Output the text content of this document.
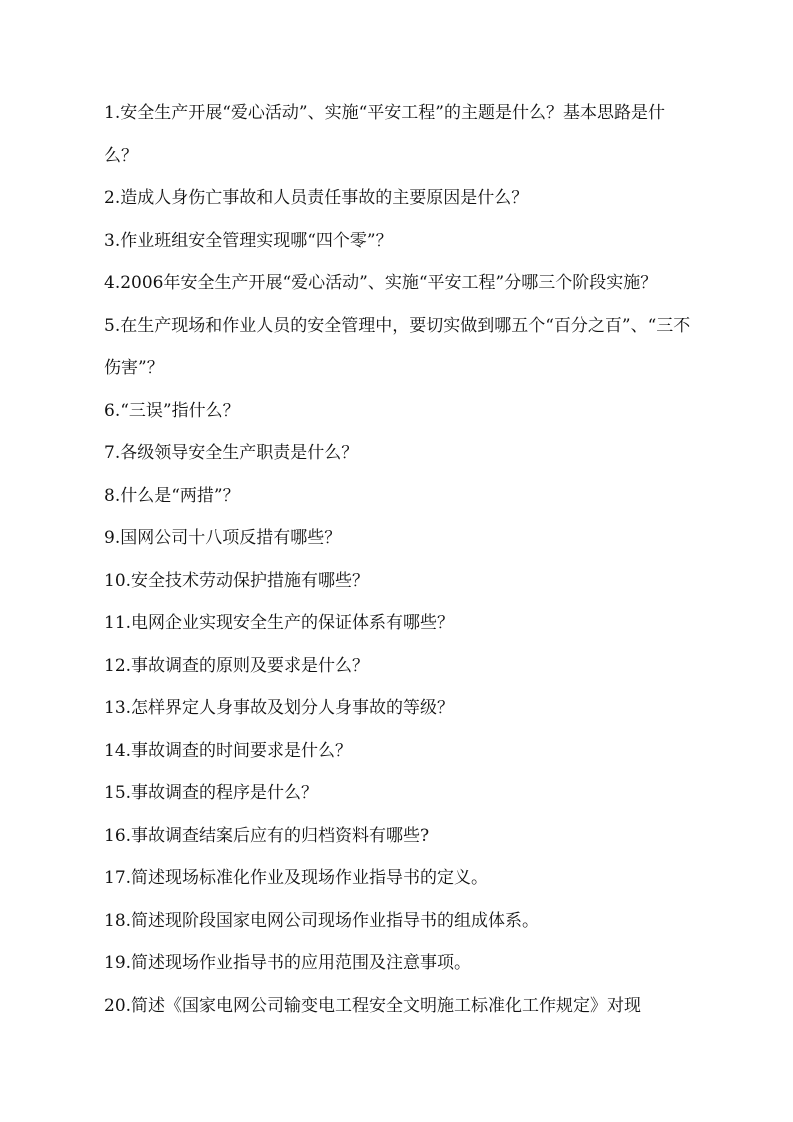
1.安全生产开展“爱心活动”、实施“平安工程”的主题是什么？基本思路是什么？

2.造成人身伤亡事故和人员责任事故的主要原因是什么？

3.作业班组安全管理实现哪“四个零”？

4.2006年安全生产开展“爱心活动”、实施“平安工程”分哪三个阶段实施？

5.在生产现场和作业人员的安全管理中，要切实做到哪五个“百分之百”、“三不伤害”？

6.“三误”指什么？

7.各级领导安全生产职责是什么？

8.什么是“两措”？

9.国网公司十八项反措有哪些？

10.安全技术劳动保护措施有哪些？

11.电网企业实现安全生产的保证体系有哪些？

12.事故调查的原则及要求是什么？

13.怎样界定人身事故及划分人身事故的等级？

14.事故调查的时间要求是什么？

15.事故调查的程序是什么？

16.事故调查结案后应有的归档资料有哪些?

17.简述现场标准化作业及现场作业指导书的定义。

18.简述现阶段国家电网公司现场作业指导书的组成体系。

19.简述现场作业指导书的应用范围及注意事项。

20.简述《国家电网公司输变电工程安全文明施工标准化工作规定》对现
